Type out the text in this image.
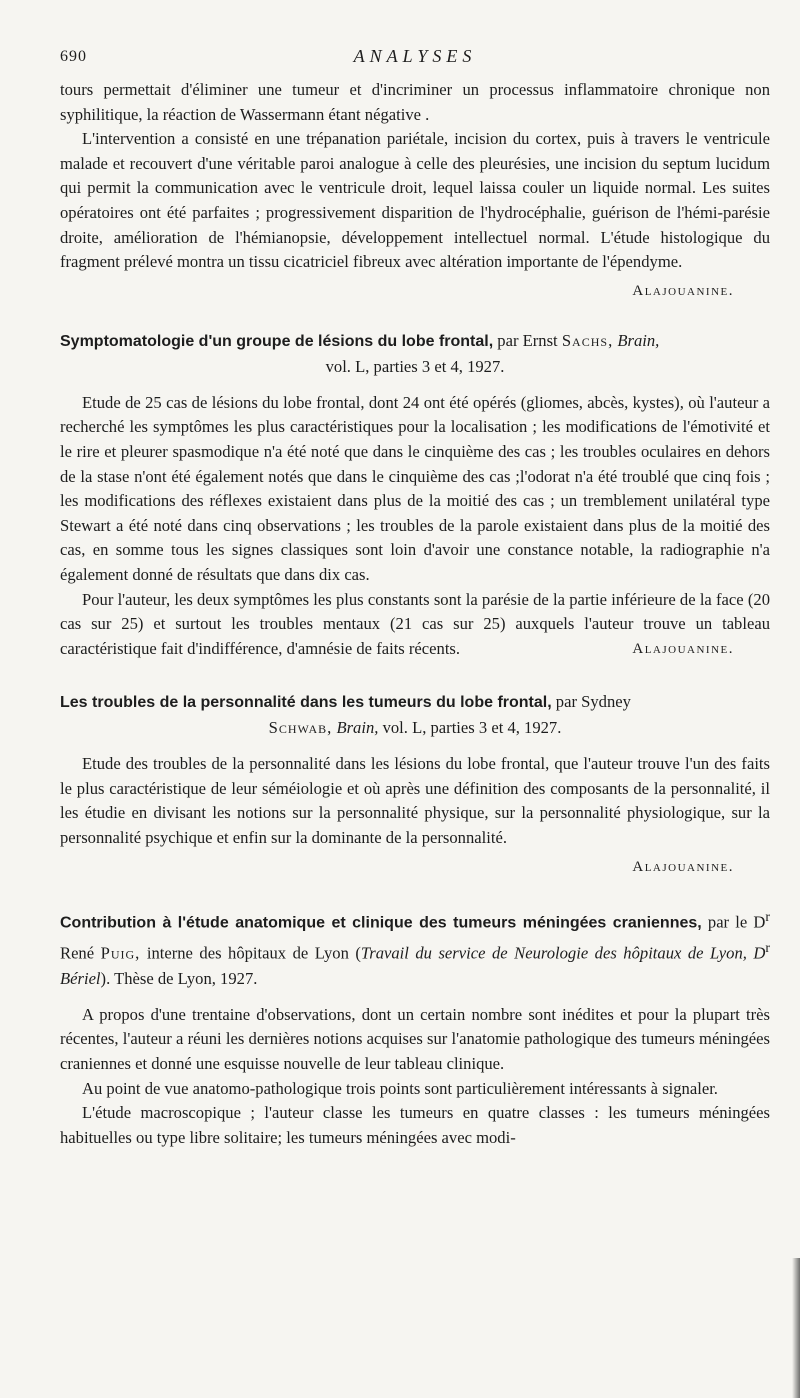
690	ANALYSES

tours permettait d'éliminer une tumeur et d'incriminer un processus inflammatoire chronique non syphilitique, la réaction de Wassermann étant négative .

L'intervention a consisté en une trépanation pariétale, incision du cortex, puis à travers le ventricule malade et recouvert d'une véritable paroi analogue à celle des pleurésies, une incision du septum lucidum qui permit la communication avec le ventricule droit, lequel laissa couler un liquide normal. Les suites opératoires ont été parfaites ; progressivement disparition de l'hydrocéphalie, guérison de l'hémi-parésie droite, amélioration de l'hémianopsie, développement intellectuel normal. L'étude histologique du fragment prélevé montra un tissu cicatriciel fibreux avec altération importante de l'épendyme.

Alajouanine.
Symptomatologie d'un groupe de lésions du lobe frontal, par Ernst Sachs, Brain,
vol. L, parties 3 et 4, 1927.

Etude de 25 cas de lésions du lobe frontal, dont 24 ont été opérés (gliomes, abcès, kystes), où l'auteur a recherché les symptômes les plus caractéristiques pour la localisation ; les modifications de l'émotivité et le rire et pleurer spasmodique n'a été noté que dans le cinquième des cas ; les troubles oculaires en dehors de la stase n'ont été également notés que dans le cinquième des cas ;l'odorat n'a été troublé que cinq fois ; les modifications des réflexes existaient dans plus de la moitié des cas ; un tremblement unilatéral type Stewart a été noté dans cinq observations ; les troubles de la parole existaient dans plus de la moitié des cas, en somme tous les signes classiques sont loin d'avoir une constance notable, la radiographie n'a également donné de résultats que dans dix cas.

Pour l'auteur, les deux symptômes les plus constants sont la parésie de la partie inférieure de la face (20 cas sur 25) et surtout les troubles mentaux (21 cas sur 25) auxquels l'auteur trouve un tableau caractéristique fait d'indifférence, d'amnésie de faits récents.	Alajouanine.

Les troubles de la personnalité dans les tumeurs du lobe frontal, par Sydney
Schwab, Brain, vol. L, parties 3 et 4, 1927.

Etude des troubles de la personnalité dans les lésions du lobe frontal, que l'auteur trouve l'un des faits le plus caractéristique de leur séméiologie et où après une définition des composants de la personnalité, il les étudie en divisant les notions sur la personnalité physique, sur la personnalité physiologique, sur la personnalité psychique et enfin sur la dominante de la personnalité.

Alajouanine.
Contribution à l'étude anatomique et clinique des tumeurs méningées craniennes, par le $D^r$ René Puig, interne des hôpitaux de Lyon (Travail du service de Neurologie des hôpitaux de Lyon, $D^r$ Bériel). Thèse de Lyon, 1927.

A propos d'une trentaine d'observations, dont un certain nombre sont inédites et pour la plupart très récentes, l'auteur a réuni les dernières notions acquises sur l'anatomie pathologique des tumeurs méningées craniennes et donné une esquisse nouvelle de leur tableau clinique.

Au point de vue anatomo-pathologique trois points sont particulièrement intéressants à signaler.

L'étude macroscopique ; l'auteur classe les tumeurs en quatre classes : les tumeurs méningées habituelles ou type libre solitaire; les tumeurs méningées avec modi-
